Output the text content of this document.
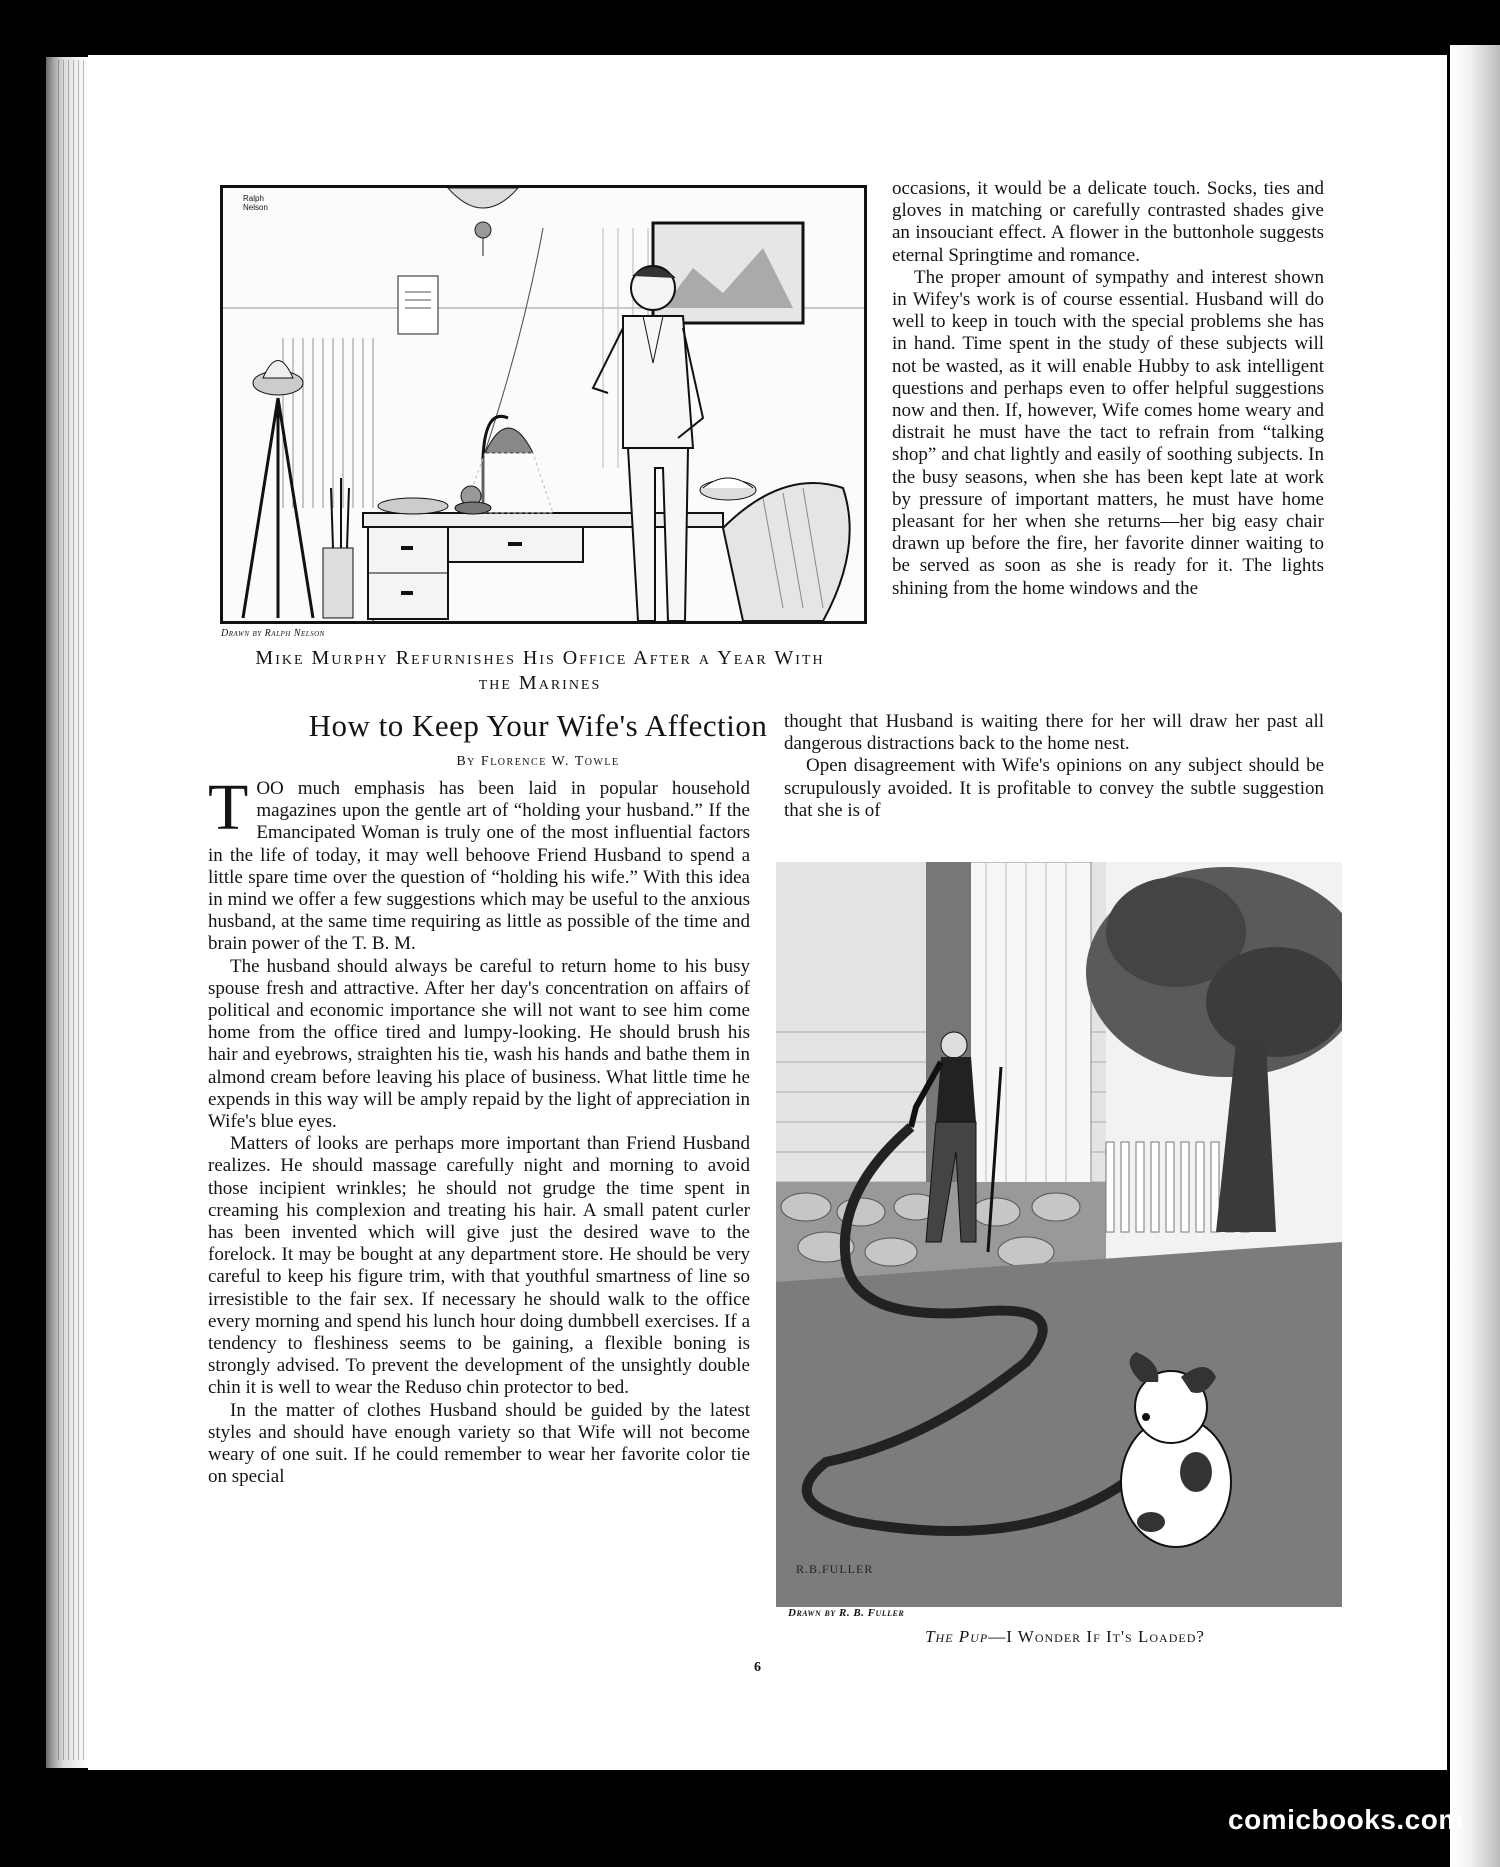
Ralph Nelson
Drawn by Ralph Nelson
Mike Murphy Refurnishes His Office After a Year With the Marines
How to Keep Your Wife's Affection
By Florence W. Towle

TOO much emphasis has been laid in popular household magazines upon the gentle art of “holding your husband.” If the Emancipated Woman is truly one of the most influential factors in the life of today, it may well behoove Friend Husband to spend a little spare time over the question of “holding his wife.” With this idea in mind we offer a few suggestions which may be useful to the anxious husband, at the same time requiring as little as possible of the time and brain power of the T. B. M.

The husband should always be careful to return home to his busy spouse fresh and attractive. After her day's concentration on affairs of political and economic importance she will not want to see him come home from the office tired and lumpy-looking. He should brush his hair and eyebrows, straighten his tie, wash his hands and bathe them in almond cream before leaving his place of business. What little time he expends in this way will be amply repaid by the light of appreciation in Wife's blue eyes.

Matters of looks are perhaps more important than Friend Husband realizes. He should massage carefully night and morning to avoid those incipient wrinkles; he should not grudge the time spent in creaming his complexion and treating his hair. A small patent curler has been invented which will give just the desired wave to the forelock. It may be bought at any department store. He should be very careful to keep his figure trim, with that youthful smartness of line so irresistible to the fair sex. If necessary he should walk to the office every morning and spend his lunch hour doing dumbbell exercises. If a tendency to fleshiness seems to be gaining, a flexible boning is strongly advised. To prevent the development of the unsightly double chin it is well to wear the Reduso chin protector to bed.

In the matter of clothes Husband should be guided by the latest styles and should have enough variety so that Wife will not become weary of one suit. If he could remember to wear her favorite color tie on special

occasions, it would be a delicate touch. Socks, ties and gloves in matching or carefully contrasted shades give an insouciant effect. A flower in the buttonhole suggests eternal Springtime and romance.

The proper amount of sympathy and interest shown in Wifey's work is of course essential. Husband will do well to keep in touch with the special problems she has in hand. Time spent in the study of these subjects will not be wasted, as it will enable Hubby to ask intelligent questions and perhaps even to offer helpful suggestions now and then. If, however, Wife comes home weary and distrait he must have the tact to refrain from “talking shop” and chat lightly and easily of soothing subjects. In the busy seasons, when she has been kept late at work by pressure of important matters, he must have home pleasant for her when she returns—her big easy chair drawn up before the fire, her favorite dinner waiting to be served as soon as she is ready for it. The lights shining from the home windows and the

thought that Husband is waiting there for her will draw her past all dangerous distractions back to the home nest.

Open disagreement with Wife's opinions on any subject should be scrupulously avoided. It is profitable to convey the subtle suggestion that she is of

R.B.FULLER
Drawn by R. B. Fuller
The Pup—I Wonder If It's Loaded?
6
comicbooks.com
